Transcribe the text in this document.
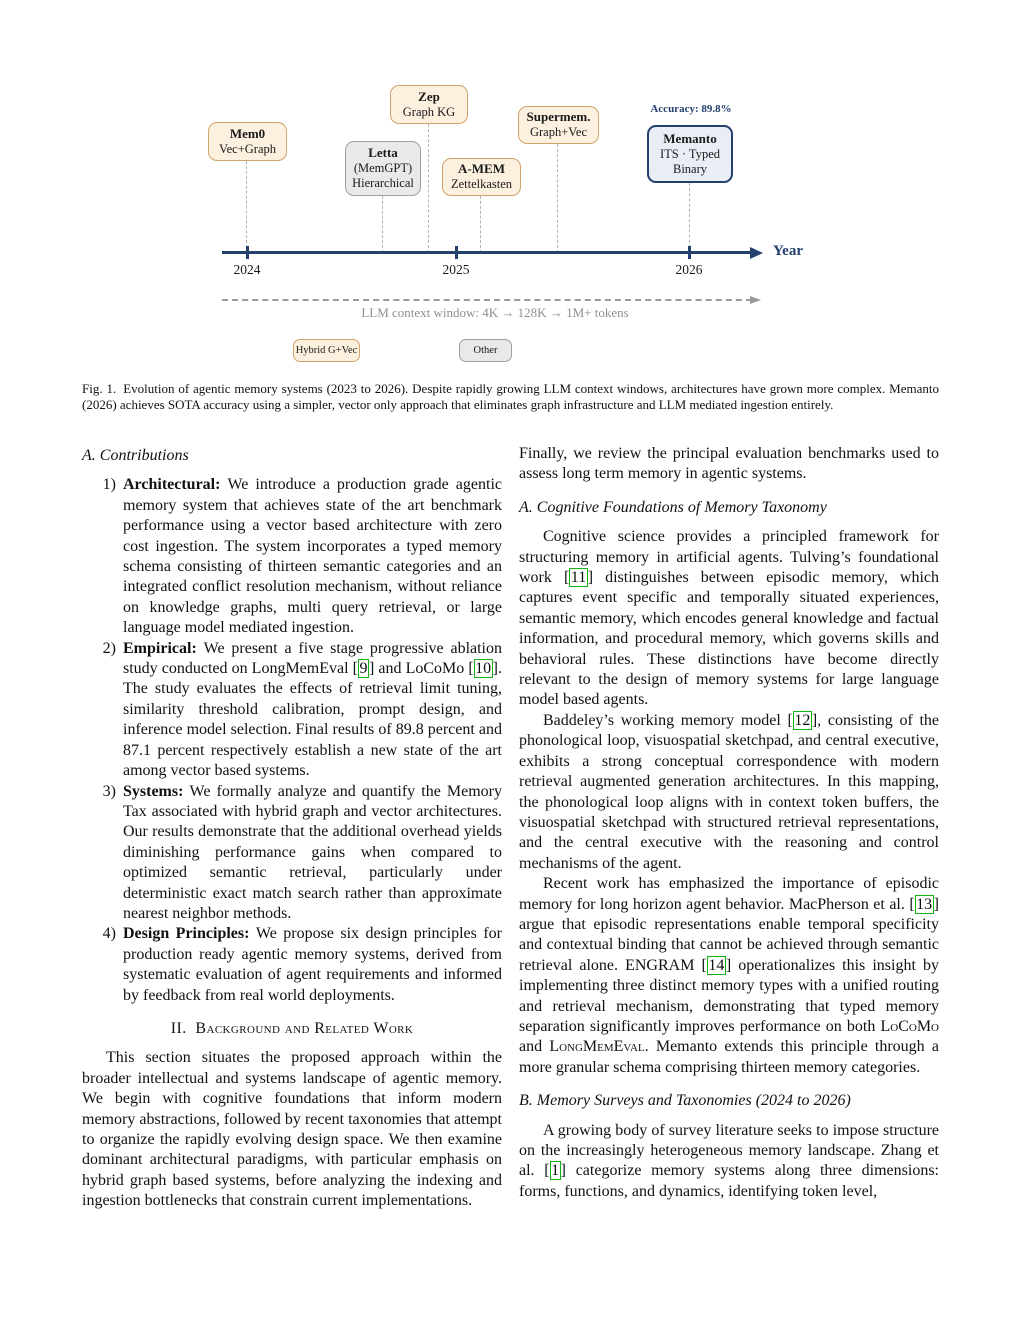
Mem0
Vec+Graph	Letta
(MemGPT)
Hierarchical
Zep
Graph KG
A-MEM
Zettelkasten
Supermem.
Graph+Vec
Accuracy: 89.8%
Memanto
ITS · Typed
Binary
2024	2025	2026
Year
LLM context window: 4K → 128K → 1M+ tokens
Hybrid G+Vec	Other
Fig. 1. Evolution of agentic memory systems (2023 to 2026). Despite rapidly growing LLM context windows, architectures have grown more complex. Memanto (2026) achieves SOTA accuracy using a simpler, vector only approach that eliminates graph infrastructure and LLM mediated ingestion entirely.
A. Contributions
1) Architectural: We introduce a production grade agentic memory system that achieves state of the art benchmark performance using a vector based architecture with zero cost ingestion. The system incorporates a typed memory schema consisting of thirteen semantic categories and an integrated conflict resolution mechanism, without reliance on knowledge graphs, multi query retrieval, or large language model mediated ingestion.
2) Empirical: We present a five stage progressive ablation study conducted on LongMemEval [9] and LoCoMo [10]. The study evaluates the effects of retrieval limit tuning, similarity threshold calibration, prompt design, and inference model selection. Final results of 89.8 percent and 87.1 percent respectively establish a new state of the art among vector based systems.
3) Systems: We formally analyze and quantify the Memory Tax associated with hybrid graph and vector architectures. Our results demonstrate that the additional overhead yields diminishing performance gains when compared to optimized semantic retrieval, particularly under deterministic exact match search rather than approximate nearest neighbor methods.
4) Design Principles: We propose six design principles for production ready agentic memory systems, derived from systematic evaluation of agent requirements and informed by feedback from real world deployments.
II.  Background and Related Work

This section situates the proposed approach within the broader intellectual and systems landscape of agentic memory. We begin with cognitive foundations that inform modern memory abstractions, followed by recent taxonomies that attempt to organize the rapidly evolving design space. We then examine dominant architectural paradigms, with particular emphasis on hybrid graph based systems, before analyzing the indexing and ingestion bottlenecks that constrain current implementations.

Finally, we review the principal evaluation benchmarks used to assess long term memory in agentic systems.

A. Cognitive Foundations of Memory Taxonomy

Cognitive science provides a principled framework for structuring memory in artificial agents. Tulving’s foundational work [11] distinguishes between episodic memory, which captures event specific and temporally situated experiences, semantic memory, which encodes general knowledge and factual information, and procedural memory, which governs skills and behavioral rules. These distinctions have become directly relevant to the design of memory systems for large language model based agents.

Baddeley’s working memory model [12], consisting of the phonological loop, visuospatial sketchpad, and central executive, exhibits a strong conceptual correspondence with modern retrieval augmented generation architectures. In this mapping, the phonological loop aligns with in context token buffers, the visuospatial sketchpad with structured retrieval representations, and the central executive with the reasoning and control mechanisms of the agent.

Recent work has emphasized the importance of episodic memory for long horizon agent behavior. MacPherson et al. [13] argue that episodic representations enable temporal specificity and contextual binding that cannot be achieved through semantic retrieval alone. ENGRAM [14] operationalizes this insight by implementing three distinct memory types with a unified routing and retrieval mechanism, demonstrating that typed memory separation significantly improves performance on both LoCoMo and LongMemEval. Memanto extends this principle through a more granular schema comprising thirteen memory categories.

B. Memory Surveys and Taxonomies (2024 to 2026)

A growing body of survey literature seeks to impose structure on the increasingly heterogeneous memory landscape. Zhang et al. [1] categorize memory systems along three dimensions: forms, functions, and dynamics, identifying token level,
